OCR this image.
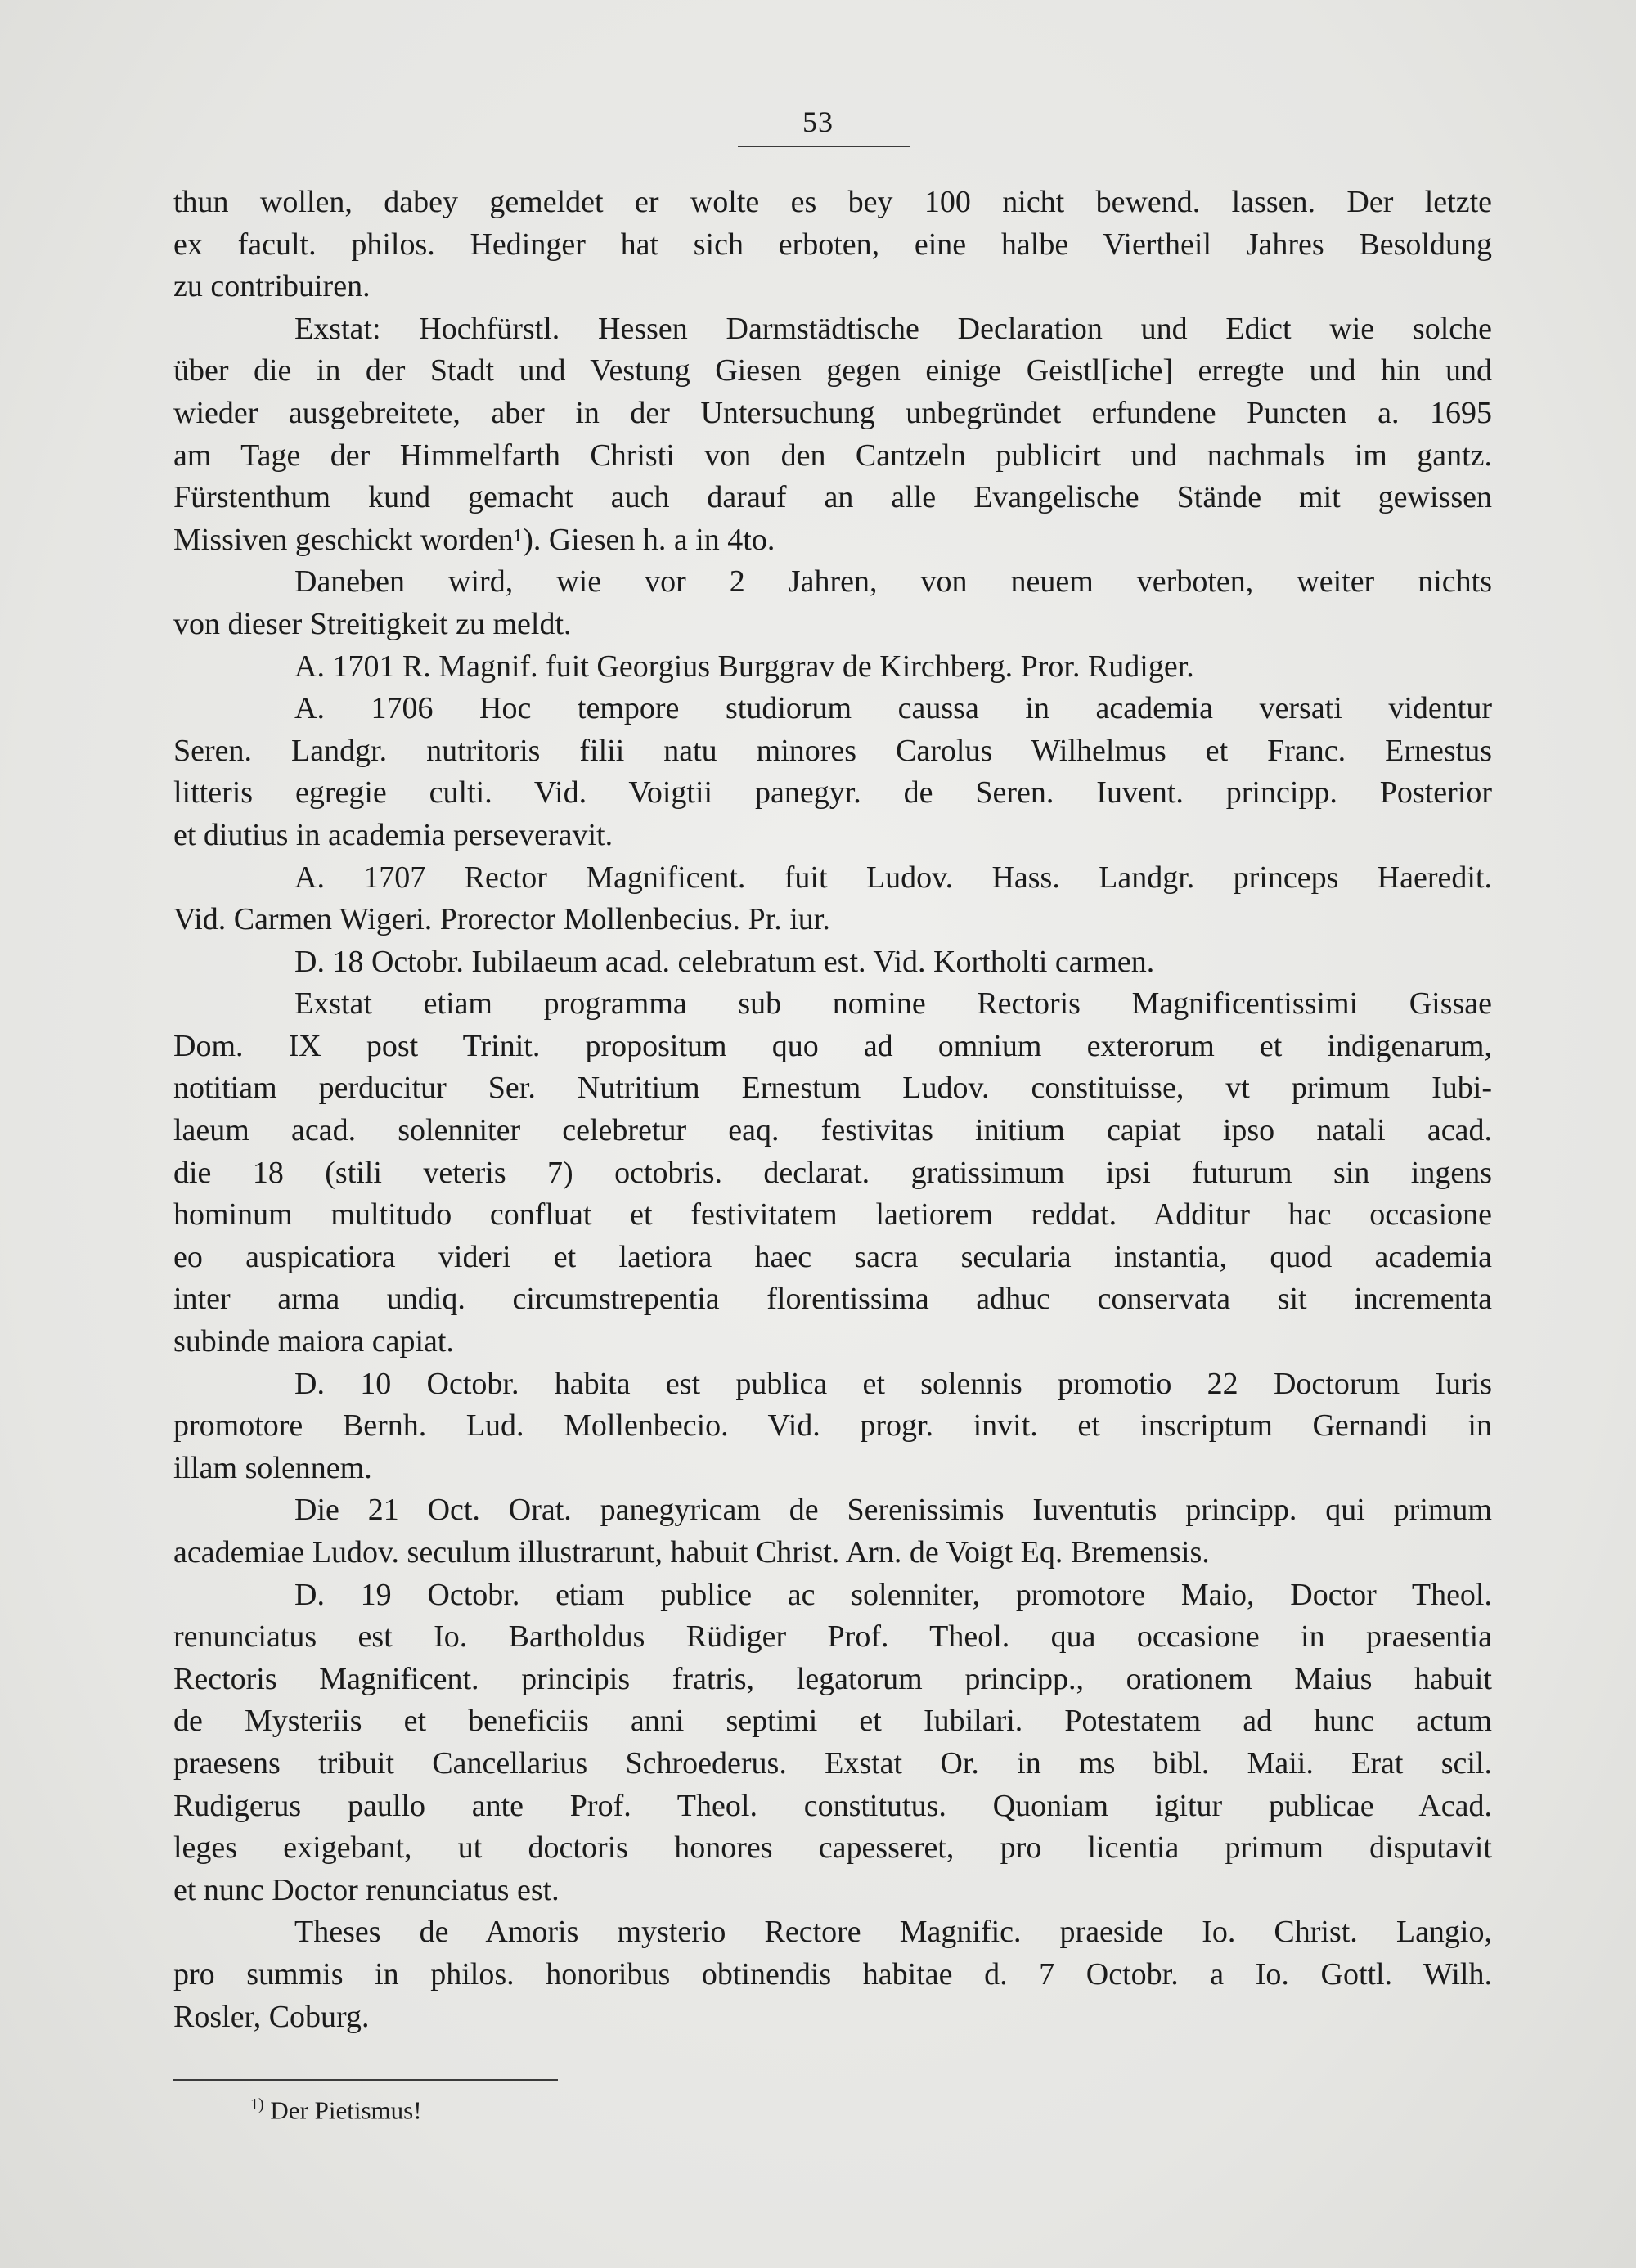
53
thun wollen, dabey gemeldet er wolte es bey 100 nicht bewend. lassen. Der letzte
ex facult. philos. Hedinger hat sich erboten, eine halbe Viertheil Jahres Besoldung
zu contribuiren.
Exstat: Hochfürstl. Hessen Darmstädtische Declaration und Edict wie solche
über die in der Stadt und Vestung Giesen gegen einige Geistl[iche] erregte und hin und
wieder ausgebreitete, aber in der Untersuchung unbegründet erfundene Puncten a. 1695
am Tage der Himmelfarth Christi von den Cantzeln publicirt und nachmals im gantz.
Fürstenthum kund gemacht auch darauf an alle Evangelische Stände mit gewissen
Missiven geschickt worden¹). Giesen h. a in 4to.
Daneben wird, wie vor 2 Jahren, von neuem verboten, weiter nichts
von dieser Streitigkeit zu meldt.
A. 1701 R. Magnif. fuit Georgius Burggrav de Kirchberg. Pror. Rudiger.
A. 1706 Hoc tempore studiorum caussa in academia versati videntur
Seren. Landgr. nutritoris filii natu minores Carolus Wilhelmus et Franc. Ernestus
litteris egregie culti. Vid. Voigtii panegyr. de Seren. Iuvent. principp. Posterior
et diutius in academia perseveravit.
A. 1707 Rector Magnificent. fuit Ludov. Hass. Landgr. princeps Haeredit.
Vid. Carmen Wigeri. Prorector Mollenbecius. Pr. iur.
D. 18 Octobr. Iubilaeum acad. celebratum est. Vid. Kortholti carmen.
Exstat etiam programma sub nomine Rectoris Magnificentissimi Gissae
Dom. IX post Trinit. propositum quo ad omnium exterorum et indigenarum,
notitiam perducitur Ser. Nutritium Ernestum Ludov. constituisse, vt primum Iubi-
laeum acad. solenniter celebretur eaq. festivitas initium capiat ipso natali acad.
die 18 (stili veteris 7) octobris. declarat. gratissimum ipsi futurum sin ingens
hominum multitudo confluat et festivitatem laetiorem reddat. Additur hac occasione
eo auspicatiora videri et laetiora haec sacra secularia instantia, quod academia
inter arma undiq. circumstrepentia florentissima adhuc conservata sit incrementa
subinde maiora capiat.
D. 10 Octobr. habita est publica et solennis promotio 22 Doctorum Iuris
promotore Bernh. Lud. Mollenbecio. Vid. progr. invit. et inscriptum Gernandi in
illam solennem.
Die 21 Oct. Orat. panegyricam de Serenissimis Iuventutis principp. qui primum
academiae Ludov. seculum illustrarunt, habuit Christ. Arn. de Voigt Eq. Bremensis.
D. 19 Octobr. etiam publice ac solenniter, promotore Maio, Doctor Theol.
renunciatus est Io. Bartholdus Rüdiger Prof. Theol. qua occasione in praesentia
Rectoris Magnificent. principis fratris, legatorum principp., orationem Maius habuit
de Mysteriis et beneficiis anni septimi et Iubilari. Potestatem ad hunc actum
praesens tribuit Cancellarius Schroederus. Exstat Or. in ms bibl. Maii. Erat scil.
Rudigerus paullo ante Prof. Theol. constitutus. Quoniam igitur publicae Acad.
leges exigebant, ut doctoris honores capesseret, pro licentia primum disputavit
et nunc Doctor renunciatus est.
Theses de Amoris mysterio Rectore Magnific. praeside Io. Christ. Langio,
pro summis in philos. honoribus obtinendis habitae d. 7 Octobr. a Io. Gottl. Wilh.
Rosler, Coburg.
$^{1)}$ Der Pietismus!
